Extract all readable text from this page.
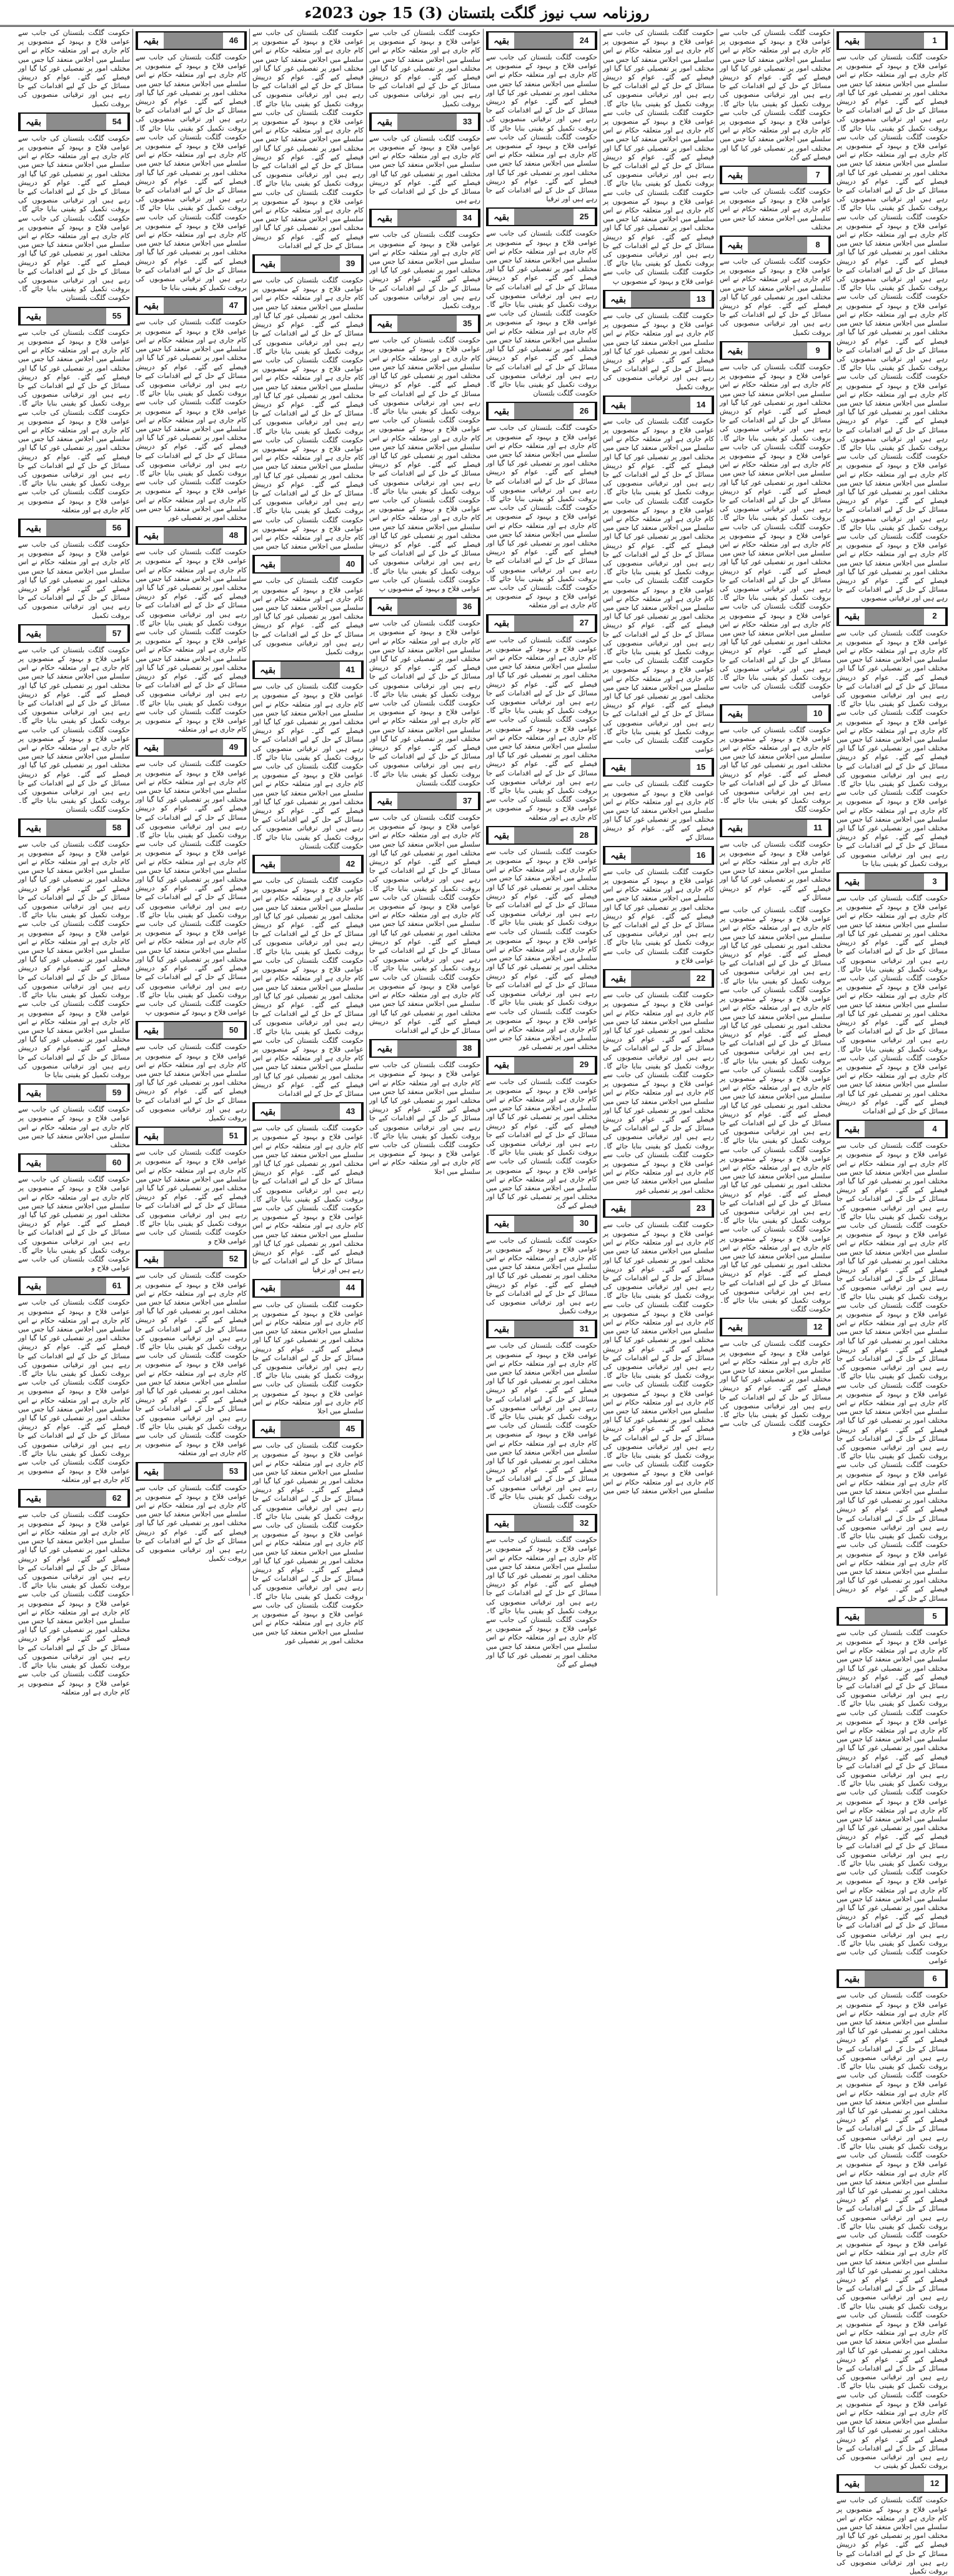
روزنامہ سب نیوز گلگت بلتستان (3) 15 جون 2023ء
1
بقیہ

حکومت گلگت بلتستان کی جانب سے عوامی فلاح و بہبود کے منصوبوں پر کام جاری ہے اور متعلقہ حکام نے اس سلسلے میں اجلاس منعقد کیا جس میں مختلف امور پر تفصیلی غور کیا گیا اور فیصلے کیے گئے۔ عوام کو درپیش مسائل کے حل کے لیے اقدامات کیے جا رہے ہیں اور ترقیاتی منصوبوں کی بروقت تکمیل کو یقینی بنایا جائے گا۔ حکومت گلگت بلتستان کی جانب سے عوامی فلاح و بہبود کے منصوبوں پر کام جاری ہے اور متعلقہ حکام نے اس سلسلے میں اجلاس منعقد کیا جس میں مختلف امور پر تفصیلی غور کیا گیا اور فیصلے کیے گئے۔ عوام کو درپیش مسائل کے حل کے لیے اقدامات کیے جا رہے ہیں اور ترقیاتی منصوبوں کی بروقت تکمیل کو یقینی بنایا جائے گا۔ حکومت گلگت بلتستان کی جانب سے عوامی فلاح و بہبود کے منصوبوں پر کام جاری ہے اور متعلقہ حکام نے اس سلسلے میں اجلاس منعقد کیا جس میں مختلف امور پر تفصیلی غور کیا گیا اور فیصلے کیے گئے۔ عوام کو درپیش مسائل کے حل کے لیے اقدامات کیے جا رہے ہیں اور ترقیاتی منصوبوں کی بروقت تکمیل کو یقینی بنایا جائے گا۔ حکومت گلگت بلتستان کی جانب سے عوامی فلاح و بہبود کے منصوبوں پر کام جاری ہے اور متعلقہ حکام نے اس سلسلے میں اجلاس منعقد کیا جس میں مختلف امور پر تفصیلی غور کیا گیا اور فیصلے کیے گئے۔ عوام کو درپیش مسائل کے حل کے لیے اقدامات کیے جا رہے ہیں اور ترقیاتی منصوبوں کی بروقت تکمیل کو یقینی بنایا جائے گا۔ حکومت گلگت بلتستان کی جانب سے عوامی فلاح و بہبود کے منصوبوں پر کام جاری ہے اور متعلقہ حکام نے اس سلسلے میں اجلاس منعقد کیا جس میں مختلف امور پر تفصیلی غور کیا گیا اور فیصلے کیے گئے۔ عوام کو درپیش مسائل کے حل کے لیے اقدامات کیے جا رہے ہیں اور ترقیاتی منصوبوں کی بروقت تکمیل کو یقینی بنایا جائے گا۔ حکومت گلگت بلتستان کی جانب سے عوامی فلاح و بہبود کے منصوبوں پر کام جاری ہے اور متعلقہ حکام نے اس سلسلے میں اجلاس منعقد کیا جس میں مختلف امور پر تفصیلی غور کیا گیا اور فیصلے کیے گئے۔ عوام کو درپیش مسائل کے حل کے لیے اقدامات کیے جا رہے ہیں اور ترقیاتی منصوبوں کی بروقت تکمیل کو یقینی بنایا جائے گا۔ حکومت گلگت بلتستان کی جانب سے عوامی فلاح و بہبود کے منصوبوں پر کام جاری ہے اور متعلقہ حکام نے اس سلسلے میں اجلاس منعقد کیا جس میں مختلف امور پر تفصیلی غور کیا گیا اور فیصلے کیے گئے۔ عوام کو درپیش مسائل کے حل کے لیے اقدامات کیے جا رہے ہیں اور ترقیاتی منصوبوں

2
بقیہ

حکومت گلگت بلتستان کی جانب سے عوامی فلاح و بہبود کے منصوبوں پر کام جاری ہے اور متعلقہ حکام نے اس سلسلے میں اجلاس منعقد کیا جس میں مختلف امور پر تفصیلی غور کیا گیا اور فیصلے کیے گئے۔ عوام کو درپیش مسائل کے حل کے لیے اقدامات کیے جا رہے ہیں اور ترقیاتی منصوبوں کی بروقت تکمیل کو یقینی بنایا جائے گا۔ حکومت گلگت بلتستان کی جانب سے عوامی فلاح و بہبود کے منصوبوں پر کام جاری ہے اور متعلقہ حکام نے اس سلسلے میں اجلاس منعقد کیا جس میں مختلف امور پر تفصیلی غور کیا گیا اور فیصلے کیے گئے۔ عوام کو درپیش مسائل کے حل کے لیے اقدامات کیے جا رہے ہیں اور ترقیاتی منصوبوں کی بروقت تکمیل کو یقینی بنایا جائے گا۔ حکومت گلگت بلتستان کی جانب سے عوامی فلاح و بہبود کے منصوبوں پر کام جاری ہے اور متعلقہ حکام نے اس سلسلے میں اجلاس منعقد کیا جس میں مختلف امور پر تفصیلی غور کیا گیا اور فیصلے کیے گئے۔ عوام کو درپیش مسائل کے حل کے لیے اقدامات کیے جا رہے ہیں اور ترقیاتی منصوبوں کی بروقت تکمیل کو یقینی بنایا جا

3
بقیہ

حکومت گلگت بلتستان کی جانب سے عوامی فلاح و بہبود کے منصوبوں پر کام جاری ہے اور متعلقہ حکام نے اس سلسلے میں اجلاس منعقد کیا جس میں مختلف امور پر تفصیلی غور کیا گیا اور فیصلے کیے گئے۔ عوام کو درپیش مسائل کے حل کے لیے اقدامات کیے جا رہے ہیں اور ترقیاتی منصوبوں کی بروقت تکمیل کو یقینی بنایا جائے گا۔ حکومت گلگت بلتستان کی جانب سے عوامی فلاح و بہبود کے منصوبوں پر کام جاری ہے اور متعلقہ حکام نے اس سلسلے میں اجلاس منعقد کیا جس میں مختلف امور پر تفصیلی غور کیا گیا اور فیصلے کیے گئے۔ عوام کو درپیش مسائل کے حل کے لیے اقدامات کیے جا رہے ہیں اور ترقیاتی منصوبوں کی بروقت تکمیل کو یقینی بنایا جائے گا۔ حکومت گلگت بلتستان کی جانب سے عوامی فلاح و بہبود کے منصوبوں پر کام جاری ہے اور متعلقہ حکام نے اس سلسلے میں اجلاس منعقد کیا جس میں مختلف امور پر تفصیلی غور کیا گیا اور فیصلے کیے گئے۔ عوام کو درپیش مسائل کے حل کے لیے اقدامات

4
بقیہ

حکومت گلگت بلتستان کی جانب سے عوامی فلاح و بہبود کے منصوبوں پر کام جاری ہے اور متعلقہ حکام نے اس سلسلے میں اجلاس منعقد کیا جس میں مختلف امور پر تفصیلی غور کیا گیا اور فیصلے کیے گئے۔ عوام کو درپیش مسائل کے حل کے لیے اقدامات کیے جا رہے ہیں اور ترقیاتی منصوبوں کی بروقت تکمیل کو یقینی بنایا جائے گا۔ حکومت گلگت بلتستان کی جانب سے عوامی فلاح و بہبود کے منصوبوں پر کام جاری ہے اور متعلقہ حکام نے اس سلسلے میں اجلاس منعقد کیا جس میں مختلف امور پر تفصیلی غور کیا گیا اور فیصلے کیے گئے۔ عوام کو درپیش مسائل کے حل کے لیے اقدامات کیے جا رہے ہیں اور ترقیاتی منصوبوں کی بروقت تکمیل کو یقینی بنایا جائے گا۔ حکومت گلگت بلتستان کی جانب سے عوامی فلاح و بہبود کے منصوبوں پر کام جاری ہے اور متعلقہ حکام نے اس سلسلے میں اجلاس منعقد کیا جس میں مختلف امور پر تفصیلی غور کیا گیا اور فیصلے کیے گئے۔ عوام کو درپیش مسائل کے حل کے لیے اقدامات کیے جا رہے ہیں اور ترقیاتی منصوبوں کی بروقت تکمیل کو یقینی بنایا جائے گا۔ حکومت گلگت بلتستان کی جانب سے عوامی فلاح و بہبود کے منصوبوں پر کام جاری ہے اور متعلقہ حکام نے اس سلسلے میں اجلاس منعقد کیا جس میں مختلف امور پر تفصیلی غور کیا گیا اور فیصلے کیے گئے۔ عوام کو درپیش مسائل کے حل کے لیے اقدامات کیے جا رہے ہیں اور ترقیاتی منصوبوں کی بروقت تکمیل کو یقینی بنایا جائے گا۔ حکومت گلگت بلتستان کی جانب سے عوامی فلاح و بہبود کے منصوبوں پر کام جاری ہے اور متعلقہ حکام نے اس سلسلے میں اجلاس منعقد کیا جس میں مختلف امور پر تفصیلی غور کیا گیا اور فیصلے کیے گئے۔ عوام کو درپیش مسائل کے حل کے لیے اقدامات کیے جا رہے ہیں اور ترقیاتی منصوبوں کی بروقت تکمیل کو یقینی بنایا جائے گا۔ حکومت گلگت بلتستان کی جانب سے عوامی فلاح و بہبود کے منصوبوں پر کام جاری ہے اور متعلقہ حکام نے اس سلسلے میں اجلاس منعقد کیا جس میں مختلف امور پر تفصیلی غور کیا گیا اور فیصلے کیے گئے۔ عوام کو درپیش مسائل کے حل کے لیے

5
بقیہ

حکومت گلگت بلتستان کی جانب سے عوامی فلاح و بہبود کے منصوبوں پر کام جاری ہے اور متعلقہ حکام نے اس سلسلے میں اجلاس منعقد کیا جس میں مختلف امور پر تفصیلی غور کیا گیا اور فیصلے کیے گئے۔ عوام کو درپیش مسائل کے حل کے لیے اقدامات کیے جا رہے ہیں اور ترقیاتی منصوبوں کی بروقت تکمیل کو یقینی بنایا جائے گا۔ حکومت گلگت بلتستان کی جانب سے عوامی فلاح و بہبود کے منصوبوں پر کام جاری ہے اور متعلقہ حکام نے اس سلسلے میں اجلاس منعقد کیا جس میں مختلف امور پر تفصیلی غور کیا گیا اور فیصلے کیے گئے۔ عوام کو درپیش مسائل کے حل کے لیے اقدامات کیے جا رہے ہیں اور ترقیاتی منصوبوں کی بروقت تکمیل کو یقینی بنایا جائے گا۔ حکومت گلگت بلتستان کی جانب سے عوامی فلاح و بہبود کے منصوبوں پر کام جاری ہے اور متعلقہ حکام نے اس سلسلے میں اجلاس منعقد کیا جس میں مختلف امور پر تفصیلی غور کیا گیا اور فیصلے کیے گئے۔ عوام کو درپیش مسائل کے حل کے لیے اقدامات کیے جا رہے ہیں اور ترقیاتی منصوبوں کی بروقت تکمیل کو یقینی بنایا جائے گا۔ حکومت گلگت بلتستان کی جانب سے عوامی فلاح و بہبود کے منصوبوں پر کام جاری ہے اور متعلقہ حکام نے اس سلسلے میں اجلاس منعقد کیا جس میں مختلف امور پر تفصیلی غور کیا گیا اور فیصلے کیے گئے۔ عوام کو درپیش مسائل کے حل کے لیے اقدامات کیے جا رہے ہیں اور ترقیاتی منصوبوں کی بروقت تکمیل کو یقینی بنایا جائے گا۔ حکومت گلگت بلتستان کی جانب سے عوامی

6
بقیہ

حکومت گلگت بلتستان کی جانب سے عوامی فلاح و بہبود کے منصوبوں پر کام جاری ہے اور متعلقہ حکام نے اس سلسلے میں اجلاس منعقد کیا جس میں مختلف امور پر تفصیلی غور کیا گیا اور فیصلے کیے گئے۔ عوام کو درپیش مسائل کے حل کے لیے اقدامات کیے جا رہے ہیں اور ترقیاتی منصوبوں کی بروقت تکمیل کو یقینی بنایا جائے گا۔ حکومت گلگت بلتستان کی جانب سے عوامی فلاح و بہبود کے منصوبوں پر کام جاری ہے اور متعلقہ حکام نے اس سلسلے میں اجلاس منعقد کیا جس میں مختلف امور پر تفصیلی غور کیا گیا اور فیصلے کیے گئے۔ عوام کو درپیش مسائل کے حل کے لیے اقدامات کیے جا رہے ہیں اور ترقیاتی منصوبوں کی بروقت تکمیل کو یقینی بنایا جائے گا۔ حکومت گلگت بلتستان کی جانب سے عوامی فلاح و بہبود کے منصوبوں پر کام جاری ہے اور متعلقہ حکام نے اس سلسلے میں اجلاس منعقد کیا جس میں مختلف امور پر تفصیلی غور کیا گیا اور فیصلے کیے گئے۔ عوام کو درپیش مسائل کے حل کے لیے اقدامات کیے جا رہے ہیں اور ترقیاتی منصوبوں کی بروقت تکمیل کو یقینی بنایا جائے گا۔ حکومت گلگت بلتستان کی جانب سے عوامی فلاح و بہبود کے منصوبوں پر کام جاری ہے اور متعلقہ حکام نے اس سلسلے میں اجلاس منعقد کیا جس میں مختلف امور پر تفصیلی غور کیا گیا اور فیصلے کیے گئے۔ عوام کو درپیش مسائل کے حل کے لیے اقدامات کیے جا رہے ہیں اور ترقیاتی منصوبوں کی بروقت تکمیل کو یقینی بنایا جائے گا۔ حکومت گلگت بلتستان کی جانب سے عوامی فلاح و بہبود کے منصوبوں پر کام جاری ہے اور متعلقہ حکام نے اس سلسلے میں اجلاس منعقد کیا جس میں مختلف امور پر تفصیلی غور کیا گیا اور فیصلے کیے گئے۔ عوام کو درپیش مسائل کے حل کے لیے اقدامات کیے جا رہے ہیں اور ترقیاتی منصوبوں کی بروقت تکمیل کو یقینی بنایا جائے گا۔ حکومت گلگت بلتستان کی جانب سے عوامی فلاح و بہبود کے منصوبوں پر کام جاری ہے اور متعلقہ حکام نے اس سلسلے میں اجلاس منعقد کیا جس میں مختلف امور پر تفصیلی غور کیا گیا اور فیصلے کیے گئے۔ عوام کو درپیش مسائل کے حل کے لیے اقدامات کیے جا رہے ہیں اور ترقیاتی منصوبوں کی بروقت تکمیل کو یقینی ب

12
بقیہ

حکومت گلگت بلتستان کی جانب سے عوامی فلاح و بہبود کے منصوبوں پر کام جاری ہے اور متعلقہ حکام نے اس سلسلے میں اجلاس منعقد کیا جس میں مختلف امور پر تفصیلی غور کیا گیا اور فیصلے کیے گئے۔ عوام کو درپیش مسائل کے حل کے لیے اقدامات کیے جا رہے ہیں اور ترقیاتی منصوبوں کی بروقت تکمیل

حکومت گلگت بلتستان کی جانب سے عوامی فلاح و بہبود کے منصوبوں پر کام جاری ہے اور متعلقہ حکام نے اس سلسلے میں اجلاس منعقد کیا جس میں مختلف امور پر تفصیلی غور کیا گیا اور فیصلے کیے گئے۔ عوام کو درپیش مسائل کے حل کے لیے اقدامات کیے جا رہے ہیں اور ترقیاتی منصوبوں کی بروقت تکمیل کو یقینی بنایا جائے گا۔ حکومت گلگت بلتستان کی جانب سے عوامی فلاح و بہبود کے منصوبوں پر کام جاری ہے اور متعلقہ حکام نے اس سلسلے میں اجلاس منعقد کیا جس میں مختلف امور پر تفصیلی غور کیا گیا اور فیصلے کیے گئ

7
بقیہ

حکومت گلگت بلتستان کی جانب سے عوامی فلاح و بہبود کے منصوبوں پر کام جاری ہے اور متعلقہ حکام نے اس سلسلے میں اجلاس منعقد کیا جس میں مختلف

8
بقیہ

حکومت گلگت بلتستان کی جانب سے عوامی فلاح و بہبود کے منصوبوں پر کام جاری ہے اور متعلقہ حکام نے اس سلسلے میں اجلاس منعقد کیا جس میں مختلف امور پر تفصیلی غور کیا گیا اور فیصلے کیے گئے۔ عوام کو درپیش مسائل کے حل کے لیے اقدامات کیے جا رہے ہیں اور ترقیاتی منصوبوں کی بروقت تکمیل

9
بقیہ

حکومت گلگت بلتستان کی جانب سے عوامی فلاح و بہبود کے منصوبوں پر کام جاری ہے اور متعلقہ حکام نے اس سلسلے میں اجلاس منعقد کیا جس میں مختلف امور پر تفصیلی غور کیا گیا اور فیصلے کیے گئے۔ عوام کو درپیش مسائل کے حل کے لیے اقدامات کیے جا رہے ہیں اور ترقیاتی منصوبوں کی بروقت تکمیل کو یقینی بنایا جائے گا۔ حکومت گلگت بلتستان کی جانب سے عوامی فلاح و بہبود کے منصوبوں پر کام جاری ہے اور متعلقہ حکام نے اس سلسلے میں اجلاس منعقد کیا جس میں مختلف امور پر تفصیلی غور کیا گیا اور فیصلے کیے گئے۔ عوام کو درپیش مسائل کے حل کے لیے اقدامات کیے جا رہے ہیں اور ترقیاتی منصوبوں کی بروقت تکمیل کو یقینی بنایا جائے گا۔ حکومت گلگت بلتستان کی جانب سے عوامی فلاح و بہبود کے منصوبوں پر کام جاری ہے اور متعلقہ حکام نے اس سلسلے میں اجلاس منعقد کیا جس میں مختلف امور پر تفصیلی غور کیا گیا اور فیصلے کیے گئے۔ عوام کو درپیش مسائل کے حل کے لیے اقدامات کیے جا رہے ہیں اور ترقیاتی منصوبوں کی بروقت تکمیل کو یقینی بنایا جائے گا۔ حکومت گلگت بلتستان کی جانب سے عوامی فلاح و بہبود کے منصوبوں پر کام جاری ہے اور متعلقہ حکام نے اس سلسلے میں اجلاس منعقد کیا جس میں مختلف امور پر تفصیلی غور کیا گیا اور فیصلے کیے گئے۔ عوام کو درپیش مسائل کے حل کے لیے اقدامات کیے جا رہے ہیں اور ترقیاتی منصوبوں کی بروقت تکمیل کو یقینی بنایا جائے گا۔ حکومت گلگت بلتستان کی جانب سے عوامی

10
بقیہ

حکومت گلگت بلتستان کی جانب سے عوامی فلاح و بہبود کے منصوبوں پر کام جاری ہے اور متعلقہ حکام نے اس سلسلے میں اجلاس منعقد کیا جس میں مختلف امور پر تفصیلی غور کیا گیا اور فیصلے کیے گئے۔ عوام کو درپیش مسائل کے حل کے لیے اقدامات کیے جا رہے ہیں اور ترقیاتی منصوبوں کی بروقت تکمیل کو یقینی بنایا جائے گا۔ حکومت گلگ

11
بقیہ

حکومت گلگت بلتستان کی جانب سے عوامی فلاح و بہبود کے منصوبوں پر کام جاری ہے اور متعلقہ حکام نے اس سلسلے میں اجلاس منعقد کیا جس میں مختلف امور پر تفصیلی غور کیا گیا اور فیصلے کیے گئے۔ عوام کو درپیش مسائل کے

حکومت گلگت بلتستان کی جانب سے عوامی فلاح و بہبود کے منصوبوں پر کام جاری ہے اور متعلقہ حکام نے اس سلسلے میں اجلاس منعقد کیا جس میں مختلف امور پر تفصیلی غور کیا گیا اور فیصلے کیے گئے۔ عوام کو درپیش مسائل کے حل کے لیے اقدامات کیے جا رہے ہیں اور ترقیاتی منصوبوں کی بروقت تکمیل کو یقینی بنایا جائے گا۔ حکومت گلگت بلتستان کی جانب سے عوامی فلاح و بہبود کے منصوبوں پر کام جاری ہے اور متعلقہ حکام نے اس سلسلے میں اجلاس منعقد کیا جس میں مختلف امور پر تفصیلی غور کیا گیا اور فیصلے کیے گئے۔ عوام کو درپیش مسائل کے حل کے لیے اقدامات کیے جا رہے ہیں اور ترقیاتی منصوبوں کی بروقت تکمیل کو یقینی بنایا جائے گا۔ حکومت گلگت بلتستان کی جانب سے عوامی فلاح و بہبود کے منصوبوں پر کام جاری ہے اور متعلقہ حکام نے اس سلسلے میں اجلاس منعقد کیا جس میں مختلف امور پر تفصیلی غور کیا گیا اور فیصلے کیے گئے۔ عوام کو درپیش مسائل کے حل کے لیے اقدامات کیے جا رہے ہیں اور ترقیاتی منصوبوں کی بروقت تکمیل کو یقینی بنایا جائے گا۔ حکومت گلگت بلتستان کی جانب سے عوامی فلاح و بہبود کے منصوبوں پر کام جاری ہے اور متعلقہ حکام نے اس سلسلے میں اجلاس منعقد کیا جس میں مختلف امور پر تفصیلی غور کیا گیا اور فیصلے کیے گئے۔ عوام کو درپیش مسائل کے حل کے لیے اقدامات کیے جا رہے ہیں اور ترقیاتی منصوبوں کی بروقت تکمیل کو یقینی بنایا جائے گا۔ حکومت گلگت بلتستان کی جانب سے عوامی فلاح و بہبود کے منصوبوں پر کام جاری ہے اور متعلقہ حکام نے اس سلسلے میں اجلاس منعقد کیا جس میں مختلف امور پر تفصیلی غور کیا گیا اور فیصلے کیے گئے۔ عوام کو درپیش مسائل کے حل کے لیے اقدامات کیے جا رہے ہیں اور ترقیاتی منصوبوں کی بروقت تکمیل کو یقینی بنایا جائے گا۔ حکومت گلگت

12
بقیہ

حکومت گلگت بلتستان کی جانب سے عوامی فلاح و بہبود کے منصوبوں پر کام جاری ہے اور متعلقہ حکام نے اس سلسلے میں اجلاس منعقد کیا جس میں مختلف امور پر تفصیلی غور کیا گیا اور فیصلے کیے گئے۔ عوام کو درپیش مسائل کے حل کے لیے اقدامات کیے جا رہے ہیں اور ترقیاتی منصوبوں کی بروقت تکمیل کو یقینی بنایا جائے گا۔ حکومت گلگت بلتستان کی جانب سے عوامی فلاح و

حکومت گلگت بلتستان کی جانب سے عوامی فلاح و بہبود کے منصوبوں پر کام جاری ہے اور متعلقہ حکام نے اس سلسلے میں اجلاس منعقد کیا جس میں مختلف امور پر تفصیلی غور کیا گیا اور فیصلے کیے گئے۔ عوام کو درپیش مسائل کے حل کے لیے اقدامات کیے جا رہے ہیں اور ترقیاتی منصوبوں کی بروقت تکمیل کو یقینی بنایا جائے گا۔ حکومت گلگت بلتستان کی جانب سے عوامی فلاح و بہبود کے منصوبوں پر کام جاری ہے اور متعلقہ حکام نے اس سلسلے میں اجلاس منعقد کیا جس میں مختلف امور پر تفصیلی غور کیا گیا اور فیصلے کیے گئے۔ عوام کو درپیش مسائل کے حل کے لیے اقدامات کیے جا رہے ہیں اور ترقیاتی منصوبوں کی بروقت تکمیل کو یقینی بنایا جائے گا۔ حکومت گلگت بلتستان کی جانب سے عوامی فلاح و بہبود کے منصوبوں پر کام جاری ہے اور متعلقہ حکام نے اس سلسلے میں اجلاس منعقد کیا جس میں مختلف امور پر تفصیلی غور کیا گیا اور فیصلے کیے گئے۔ عوام کو درپیش مسائل کے حل کے لیے اقدامات کیے جا رہے ہیں اور ترقیاتی منصوبوں کی بروقت تکمیل کو یقینی بنایا جائے گا۔ حکومت گلگت بلتستان کی جانب سے عوامی فلاح و بہبود کے منصوبوں پ

13
بقیہ

حکومت گلگت بلتستان کی جانب سے عوامی فلاح و بہبود کے منصوبوں پر کام جاری ہے اور متعلقہ حکام نے اس سلسلے میں اجلاس منعقد کیا جس میں مختلف امور پر تفصیلی غور کیا گیا اور فیصلے کیے گئے۔ عوام کو درپیش مسائل کے حل کے لیے اقدامات کیے جا رہے ہیں اور ترقیاتی منصوبوں کی بروقت تکمیل

14
بقیہ

حکومت گلگت بلتستان کی جانب سے عوامی فلاح و بہبود کے منصوبوں پر کام جاری ہے اور متعلقہ حکام نے اس سلسلے میں اجلاس منعقد کیا جس میں مختلف امور پر تفصیلی غور کیا گیا اور فیصلے کیے گئے۔ عوام کو درپیش مسائل کے حل کے لیے اقدامات کیے جا رہے ہیں اور ترقیاتی منصوبوں کی بروقت تکمیل کو یقینی بنایا جائے گا۔ حکومت گلگت بلتستان کی جانب سے عوامی فلاح و بہبود کے منصوبوں پر کام جاری ہے اور متعلقہ حکام نے اس سلسلے میں اجلاس منعقد کیا جس میں مختلف امور پر تفصیلی غور کیا گیا اور فیصلے کیے گئے۔ عوام کو درپیش مسائل کے حل کے لیے اقدامات کیے جا رہے ہیں اور ترقیاتی منصوبوں کی بروقت تکمیل کو یقینی بنایا جائے گا۔ حکومت گلگت بلتستان کی جانب سے عوامی فلاح و بہبود کے منصوبوں پر کام جاری ہے اور متعلقہ حکام نے اس سلسلے میں اجلاس منعقد کیا جس میں مختلف امور پر تفصیلی غور کیا گیا اور فیصلے کیے گئے۔ عوام کو درپیش مسائل کے حل کے لیے اقدامات کیے جا رہے ہیں اور ترقیاتی منصوبوں کی بروقت تکمیل کو یقینی بنایا جائے گا۔ حکومت گلگت بلتستان کی جانب سے عوامی فلاح و بہبود کے منصوبوں پر کام جاری ہے اور متعلقہ حکام نے اس سلسلے میں اجلاس منعقد کیا جس میں مختلف امور پر تفصیلی غور کیا گیا اور فیصلے کیے گئے۔ عوام کو درپیش مسائل کے حل کے لیے اقدامات کیے جا رہے ہیں اور ترقیاتی منصوبوں کی بروقت تکمیل کو یقینی بنایا جائے گا۔ حکومت گلگت بلتستان کی جانب سے عوامی

15
بقیہ

حکومت گلگت بلتستان کی جانب سے عوامی فلاح و بہبود کے منصوبوں پر کام جاری ہے اور متعلقہ حکام نے اس سلسلے میں اجلاس منعقد کیا جس میں مختلف امور پر تفصیلی غور کیا گیا اور فیصلے کیے گئے۔ عوام کو درپیش مسائل کے

16
بقیہ

حکومت گلگت بلتستان کی جانب سے عوامی فلاح و بہبود کے منصوبوں پر کام جاری ہے اور متعلقہ حکام نے اس سلسلے میں اجلاس منعقد کیا جس میں مختلف امور پر تفصیلی غور کیا گیا اور فیصلے کیے گئے۔ عوام کو درپیش مسائل کے حل کے لیے اقدامات کیے جا رہے ہیں اور ترقیاتی منصوبوں کی بروقت تکمیل کو یقینی بنایا جائے گا۔ حکومت گلگت بلتستان کی جانب سے عوامی فلاح و

22
بقیہ

حکومت گلگت بلتستان کی جانب سے عوامی فلاح و بہبود کے منصوبوں پر کام جاری ہے اور متعلقہ حکام نے اس سلسلے میں اجلاس منعقد کیا جس میں مختلف امور پر تفصیلی غور کیا گیا اور فیصلے کیے گئے۔ عوام کو درپیش مسائل کے حل کے لیے اقدامات کیے جا رہے ہیں اور ترقیاتی منصوبوں کی بروقت تکمیل کو یقینی بنایا جائے گا۔ حکومت گلگت بلتستان کی جانب سے عوامی فلاح و بہبود کے منصوبوں پر کام جاری ہے اور متعلقہ حکام نے اس سلسلے میں اجلاس منعقد کیا جس میں مختلف امور پر تفصیلی غور کیا گیا اور فیصلے کیے گئے۔ عوام کو درپیش مسائل کے حل کے لیے اقدامات کیے جا رہے ہیں اور ترقیاتی منصوبوں کی بروقت تکمیل کو یقینی بنایا جائے گا۔ حکومت گلگت بلتستان کی جانب سے عوامی فلاح و بہبود کے منصوبوں پر کام جاری ہے اور متعلقہ حکام نے اس سلسلے میں اجلاس منعقد کیا جس میں مختلف امور پر تفصیلی غور

23
بقیہ

حکومت گلگت بلتستان کی جانب سے عوامی فلاح و بہبود کے منصوبوں پر کام جاری ہے اور متعلقہ حکام نے اس سلسلے میں اجلاس منعقد کیا جس میں مختلف امور پر تفصیلی غور کیا گیا اور فیصلے کیے گئے۔ عوام کو درپیش مسائل کے حل کے لیے اقدامات کیے جا رہے ہیں اور ترقیاتی منصوبوں کی بروقت تکمیل کو یقینی بنایا جائے گا۔ حکومت گلگت بلتستان کی جانب سے عوامی فلاح و بہبود کے منصوبوں پر کام جاری ہے اور متعلقہ حکام نے اس سلسلے میں اجلاس منعقد کیا جس میں مختلف امور پر تفصیلی غور کیا گیا اور فیصلے کیے گئے۔ عوام کو درپیش مسائل کے حل کے لیے اقدامات کیے جا رہے ہیں اور ترقیاتی منصوبوں کی بروقت تکمیل کو یقینی بنایا جائے گا۔ حکومت گلگت بلتستان کی جانب سے عوامی فلاح و بہبود کے منصوبوں پر کام جاری ہے اور متعلقہ حکام نے اس سلسلے میں اجلاس منعقد کیا جس میں مختلف امور پر تفصیلی غور کیا گیا اور فیصلے کیے گئے۔ عوام کو درپیش مسائل کے حل کے لیے اقدامات کیے جا رہے ہیں اور ترقیاتی منصوبوں کی بروقت تکمیل کو یقینی بنایا جائے گا۔ حکومت گلگت بلتستان کی جانب سے عوامی فلاح و بہبود کے منصوبوں پر کام جاری ہے اور متعلقہ حکام نے اس سلسلے میں اجلاس منعقد کیا جس میں

24
بقیہ

حکومت گلگت بلتستان کی جانب سے عوامی فلاح و بہبود کے منصوبوں پر کام جاری ہے اور متعلقہ حکام نے اس سلسلے میں اجلاس منعقد کیا جس میں مختلف امور پر تفصیلی غور کیا گیا اور فیصلے کیے گئے۔ عوام کو درپیش مسائل کے حل کے لیے اقدامات کیے جا رہے ہیں اور ترقیاتی منصوبوں کی بروقت تکمیل کو یقینی بنایا جائے گا۔ حکومت گلگت بلتستان کی جانب سے عوامی فلاح و بہبود کے منصوبوں پر کام جاری ہے اور متعلقہ حکام نے اس سلسلے میں اجلاس منعقد کیا جس میں مختلف امور پر تفصیلی غور کیا گیا اور فیصلے کیے گئے۔ عوام کو درپیش مسائل کے حل کے لیے اقدامات کیے جا رہے ہیں اور ترقیا

25
بقیہ

حکومت گلگت بلتستان کی جانب سے عوامی فلاح و بہبود کے منصوبوں پر کام جاری ہے اور متعلقہ حکام نے اس سلسلے میں اجلاس منعقد کیا جس میں مختلف امور پر تفصیلی غور کیا گیا اور فیصلے کیے گئے۔ عوام کو درپیش مسائل کے حل کے لیے اقدامات کیے جا رہے ہیں اور ترقیاتی منصوبوں کی بروقت تکمیل کو یقینی بنایا جائے گا۔ حکومت گلگت بلتستان کی جانب سے عوامی فلاح و بہبود کے منصوبوں پر کام جاری ہے اور متعلقہ حکام نے اس سلسلے میں اجلاس منعقد کیا جس میں مختلف امور پر تفصیلی غور کیا گیا اور فیصلے کیے گئے۔ عوام کو درپیش مسائل کے حل کے لیے اقدامات کیے جا رہے ہیں اور ترقیاتی منصوبوں کی بروقت تکمیل کو یقینی بنایا جائے گا۔ حکومت گلگت بلتستان

26
بقیہ

حکومت گلگت بلتستان کی جانب سے عوامی فلاح و بہبود کے منصوبوں پر کام جاری ہے اور متعلقہ حکام نے اس سلسلے میں اجلاس منعقد کیا جس میں مختلف امور پر تفصیلی غور کیا گیا اور فیصلے کیے گئے۔ عوام کو درپیش مسائل کے حل کے لیے اقدامات کیے جا رہے ہیں اور ترقیاتی منصوبوں کی بروقت تکمیل کو یقینی بنایا جائے گا۔ حکومت گلگت بلتستان کی جانب سے عوامی فلاح و بہبود کے منصوبوں پر کام جاری ہے اور متعلقہ حکام نے اس سلسلے میں اجلاس منعقد کیا جس میں مختلف امور پر تفصیلی غور کیا گیا اور فیصلے کیے گئے۔ عوام کو درپیش مسائل کے حل کے لیے اقدامات کیے جا رہے ہیں اور ترقیاتی منصوبوں کی بروقت تکمیل کو یقینی بنایا جائے گا۔ حکومت گلگت بلتستان کی جانب سے عوامی فلاح و بہبود کے منصوبوں پر کام جاری ہے اور متعلقہ

27
بقیہ

حکومت گلگت بلتستان کی جانب سے عوامی فلاح و بہبود کے منصوبوں پر کام جاری ہے اور متعلقہ حکام نے اس سلسلے میں اجلاس منعقد کیا جس میں مختلف امور پر تفصیلی غور کیا گیا اور فیصلے کیے گئے۔ عوام کو درپیش مسائل کے حل کے لیے اقدامات کیے جا رہے ہیں اور ترقیاتی منصوبوں کی بروقت تکمیل کو یقینی بنایا جائے گا۔ حکومت گلگت بلتستان کی جانب سے عوامی فلاح و بہبود کے منصوبوں پر کام جاری ہے اور متعلقہ حکام نے اس سلسلے میں اجلاس منعقد کیا جس میں مختلف امور پر تفصیلی غور کیا گیا اور فیصلے کیے گئے۔ عوام کو درپیش مسائل کے حل کے لیے اقدامات کیے جا رہے ہیں اور ترقیاتی منصوبوں کی بروقت تکمیل کو یقینی بنایا جائے گا۔ حکومت گلگت بلتستان کی جانب سے عوامی فلاح و بہبود کے منصوبوں پر کام جاری ہے اور متعلقہ

28
بقیہ

حکومت گلگت بلتستان کی جانب سے عوامی فلاح و بہبود کے منصوبوں پر کام جاری ہے اور متعلقہ حکام نے اس سلسلے میں اجلاس منعقد کیا جس میں مختلف امور پر تفصیلی غور کیا گیا اور فیصلے کیے گئے۔ عوام کو درپیش مسائل کے حل کے لیے اقدامات کیے جا رہے ہیں اور ترقیاتی منصوبوں کی بروقت تکمیل کو یقینی بنایا جائے گا۔ حکومت گلگت بلتستان کی جانب سے عوامی فلاح و بہبود کے منصوبوں پر کام جاری ہے اور متعلقہ حکام نے اس سلسلے میں اجلاس منعقد کیا جس میں مختلف امور پر تفصیلی غور کیا گیا اور فیصلے کیے گئے۔ عوام کو درپیش مسائل کے حل کے لیے اقدامات کیے جا رہے ہیں اور ترقیاتی منصوبوں کی بروقت تکمیل کو یقینی بنایا جائے گا۔ حکومت گلگت بلتستان کی جانب سے عوامی فلاح و بہبود کے منصوبوں پر کام جاری ہے اور متعلقہ حکام نے اس سلسلے میں اجلاس منعقد کیا جس میں مختلف امور پر تفصیلی غور

29
بقیہ

حکومت گلگت بلتستان کی جانب سے عوامی فلاح و بہبود کے منصوبوں پر کام جاری ہے اور متعلقہ حکام نے اس سلسلے میں اجلاس منعقد کیا جس میں مختلف امور پر تفصیلی غور کیا گیا اور فیصلے کیے گئے۔ عوام کو درپیش مسائل کے حل کے لیے اقدامات کیے جا رہے ہیں اور ترقیاتی منصوبوں کی بروقت تکمیل کو یقینی بنایا جائے گا۔ حکومت گلگت بلتستان کی جانب سے عوامی فلاح و بہبود کے منصوبوں پر کام جاری ہے اور متعلقہ حکام نے اس سلسلے میں اجلاس منعقد کیا جس میں مختلف امور پر تفصیلی غور کیا گیا اور فیصلے کیے گئ

30
بقیہ

حکومت گلگت بلتستان کی جانب سے عوامی فلاح و بہبود کے منصوبوں پر کام جاری ہے اور متعلقہ حکام نے اس سلسلے میں اجلاس منعقد کیا جس میں مختلف امور پر تفصیلی غور کیا گیا اور فیصلے کیے گئے۔ عوام کو درپیش مسائل کے حل کے لیے اقدامات کیے جا رہے ہیں اور ترقیاتی منصوبوں کی بروقت تکمیل

31
بقیہ

حکومت گلگت بلتستان کی جانب سے عوامی فلاح و بہبود کے منصوبوں پر کام جاری ہے اور متعلقہ حکام نے اس سلسلے میں اجلاس منعقد کیا جس میں مختلف امور پر تفصیلی غور کیا گیا اور فیصلے کیے گئے۔ عوام کو درپیش مسائل کے حل کے لیے اقدامات کیے جا رہے ہیں اور ترقیاتی منصوبوں کی بروقت تکمیل کو یقینی بنایا جائے گا۔ حکومت گلگت بلتستان کی جانب سے عوامی فلاح و بہبود کے منصوبوں پر کام جاری ہے اور متعلقہ حکام نے اس سلسلے میں اجلاس منعقد کیا جس میں مختلف امور پر تفصیلی غور کیا گیا اور فیصلے کیے گئے۔ عوام کو درپیش مسائل کے حل کے لیے اقدامات کیے جا رہے ہیں اور ترقیاتی منصوبوں کی بروقت تکمیل کو یقینی بنایا جائے گا۔ حکومت گلگت بلتستان

32
بقیہ

حکومت گلگت بلتستان کی جانب سے عوامی فلاح و بہبود کے منصوبوں پر کام جاری ہے اور متعلقہ حکام نے اس سلسلے میں اجلاس منعقد کیا جس میں مختلف امور پر تفصیلی غور کیا گیا اور فیصلے کیے گئے۔ عوام کو درپیش مسائل کے حل کے لیے اقدامات کیے جا رہے ہیں اور ترقیاتی منصوبوں کی بروقت تکمیل کو یقینی بنایا جائے گا۔ حکومت گلگت بلتستان کی جانب سے عوامی فلاح و بہبود کے منصوبوں پر کام جاری ہے اور متعلقہ حکام نے اس سلسلے میں اجلاس منعقد کیا جس میں مختلف امور پر تفصیلی غور کیا گیا اور فیصلے کیے گئ

حکومت گلگت بلتستان کی جانب سے عوامی فلاح و بہبود کے منصوبوں پر کام جاری ہے اور متعلقہ حکام نے اس سلسلے میں اجلاس منعقد کیا جس میں مختلف امور پر تفصیلی غور کیا گیا اور فیصلے کیے گئے۔ عوام کو درپیش مسائل کے حل کے لیے اقدامات کیے جا رہے ہیں اور ترقیاتی منصوبوں کی بروقت تکمیل

33
بقیہ

حکومت گلگت بلتستان کی جانب سے عوامی فلاح و بہبود کے منصوبوں پر کام جاری ہے اور متعلقہ حکام نے اس سلسلے میں اجلاس منعقد کیا جس میں مختلف امور پر تفصیلی غور کیا گیا اور فیصلے کیے گئے۔ عوام کو درپیش مسائل کے حل کے لیے اقدامات کیے جا رہے ہیں

34
بقیہ

حکومت گلگت بلتستان کی جانب سے عوامی فلاح و بہبود کے منصوبوں پر کام جاری ہے اور متعلقہ حکام نے اس سلسلے میں اجلاس منعقد کیا جس میں مختلف امور پر تفصیلی غور کیا گیا اور فیصلے کیے گئے۔ عوام کو درپیش مسائل کے حل کے لیے اقدامات کیے جا رہے ہیں اور ترقیاتی منصوبوں کی بروقت تکمیل

35
بقیہ

حکومت گلگت بلتستان کی جانب سے عوامی فلاح و بہبود کے منصوبوں پر کام جاری ہے اور متعلقہ حکام نے اس سلسلے میں اجلاس منعقد کیا جس میں مختلف امور پر تفصیلی غور کیا گیا اور فیصلے کیے گئے۔ عوام کو درپیش مسائل کے حل کے لیے اقدامات کیے جا رہے ہیں اور ترقیاتی منصوبوں کی بروقت تکمیل کو یقینی بنایا جائے گا۔ حکومت گلگت بلتستان کی جانب سے عوامی فلاح و بہبود کے منصوبوں پر کام جاری ہے اور متعلقہ حکام نے اس سلسلے میں اجلاس منعقد کیا جس میں مختلف امور پر تفصیلی غور کیا گیا اور فیصلے کیے گئے۔ عوام کو درپیش مسائل کے حل کے لیے اقدامات کیے جا رہے ہیں اور ترقیاتی منصوبوں کی بروقت تکمیل کو یقینی بنایا جائے گا۔ حکومت گلگت بلتستان کی جانب سے عوامی فلاح و بہبود کے منصوبوں پر کام جاری ہے اور متعلقہ حکام نے اس سلسلے میں اجلاس منعقد کیا جس میں مختلف امور پر تفصیلی غور کیا گیا اور فیصلے کیے گئے۔ عوام کو درپیش مسائل کے حل کے لیے اقدامات کیے جا رہے ہیں اور ترقیاتی منصوبوں کی بروقت تکمیل کو یقینی بنایا جائے گا۔ حکومت گلگت بلتستان کی جانب سے عوامی فلاح و بہبود کے منصوبوں پ

36
بقیہ

حکومت گلگت بلتستان کی جانب سے عوامی فلاح و بہبود کے منصوبوں پر کام جاری ہے اور متعلقہ حکام نے اس سلسلے میں اجلاس منعقد کیا جس میں مختلف امور پر تفصیلی غور کیا گیا اور فیصلے کیے گئے۔ عوام کو درپیش مسائل کے حل کے لیے اقدامات کیے جا رہے ہیں اور ترقیاتی منصوبوں کی بروقت تکمیل کو یقینی بنایا جائے گا۔ حکومت گلگت بلتستان کی جانب سے عوامی فلاح و بہبود کے منصوبوں پر کام جاری ہے اور متعلقہ حکام نے اس سلسلے میں اجلاس منعقد کیا جس میں مختلف امور پر تفصیلی غور کیا گیا اور فیصلے کیے گئے۔ عوام کو درپیش مسائل کے حل کے لیے اقدامات کیے جا رہے ہیں اور ترقیاتی منصوبوں کی بروقت تکمیل کو یقینی بنایا جائے گا۔ حکومت گلگت بلتستان

37
بقیہ

حکومت گلگت بلتستان کی جانب سے عوامی فلاح و بہبود کے منصوبوں پر کام جاری ہے اور متعلقہ حکام نے اس سلسلے میں اجلاس منعقد کیا جس میں مختلف امور پر تفصیلی غور کیا گیا اور فیصلے کیے گئے۔ عوام کو درپیش مسائل کے حل کے لیے اقدامات کیے جا رہے ہیں اور ترقیاتی منصوبوں کی بروقت تکمیل کو یقینی بنایا جائے گا۔ حکومت گلگت بلتستان کی جانب سے عوامی فلاح و بہبود کے منصوبوں پر کام جاری ہے اور متعلقہ حکام نے اس سلسلے میں اجلاس منعقد کیا جس میں مختلف امور پر تفصیلی غور کیا گیا اور فیصلے کیے گئے۔ عوام کو درپیش مسائل کے حل کے لیے اقدامات کیے جا رہے ہیں اور ترقیاتی منصوبوں کی بروقت تکمیل کو یقینی بنایا جائے گا۔ حکومت گلگت بلتستان کی جانب سے عوامی فلاح و بہبود کے منصوبوں پر کام جاری ہے اور متعلقہ حکام نے اس سلسلے میں اجلاس منعقد کیا جس میں مختلف امور پر تفصیلی غور کیا گیا اور فیصلے کیے گئے۔ عوام کو درپیش مسائل کے حل کے لیے اقدامات

38
بقیہ

حکومت گلگت بلتستان کی جانب سے عوامی فلاح و بہبود کے منصوبوں پر کام جاری ہے اور متعلقہ حکام نے اس سلسلے میں اجلاس منعقد کیا جس میں مختلف امور پر تفصیلی غور کیا گیا اور فیصلے کیے گئے۔ عوام کو درپیش مسائل کے حل کے لیے اقدامات کیے جا رہے ہیں اور ترقیاتی منصوبوں کی بروقت تکمیل کو یقینی بنایا جائے گا۔ حکومت گلگت بلتستان کی جانب سے عوامی فلاح و بہبود کے منصوبوں پر کام جاری ہے اور متعلقہ حکام نے اس سلسلے میں اجلا

حکومت گلگت بلتستان کی جانب سے عوامی فلاح و بہبود کے منصوبوں پر کام جاری ہے اور متعلقہ حکام نے اس سلسلے میں اجلاس منعقد کیا جس میں مختلف امور پر تفصیلی غور کیا گیا اور فیصلے کیے گئے۔ عوام کو درپیش مسائل کے حل کے لیے اقدامات کیے جا رہے ہیں اور ترقیاتی منصوبوں کی بروقت تکمیل کو یقینی بنایا جائے گا۔ حکومت گلگت بلتستان کی جانب سے عوامی فلاح و بہبود کے منصوبوں پر کام جاری ہے اور متعلقہ حکام نے اس سلسلے میں اجلاس منعقد کیا جس میں مختلف امور پر تفصیلی غور کیا گیا اور فیصلے کیے گئے۔ عوام کو درپیش مسائل کے حل کے لیے اقدامات کیے جا رہے ہیں اور ترقیاتی منصوبوں کی بروقت تکمیل کو یقینی بنایا جائے گا۔ حکومت گلگت بلتستان کی جانب سے عوامی فلاح و بہبود کے منصوبوں پر کام جاری ہے اور متعلقہ حکام نے اس سلسلے میں اجلاس منعقد کیا جس میں مختلف امور پر تفصیلی غور کیا گیا اور فیصلے کیے گئے۔ عوام کو درپیش مسائل کے حل کے لیے اقدامات

39
بقیہ

حکومت گلگت بلتستان کی جانب سے عوامی فلاح و بہبود کے منصوبوں پر کام جاری ہے اور متعلقہ حکام نے اس سلسلے میں اجلاس منعقد کیا جس میں مختلف امور پر تفصیلی غور کیا گیا اور فیصلے کیے گئے۔ عوام کو درپیش مسائل کے حل کے لیے اقدامات کیے جا رہے ہیں اور ترقیاتی منصوبوں کی بروقت تکمیل کو یقینی بنایا جائے گا۔ حکومت گلگت بلتستان کی جانب سے عوامی فلاح و بہبود کے منصوبوں پر کام جاری ہے اور متعلقہ حکام نے اس سلسلے میں اجلاس منعقد کیا جس میں مختلف امور پر تفصیلی غور کیا گیا اور فیصلے کیے گئے۔ عوام کو درپیش مسائل کے حل کے لیے اقدامات کیے جا رہے ہیں اور ترقیاتی منصوبوں کی بروقت تکمیل کو یقینی بنایا جائے گا۔ حکومت گلگت بلتستان کی جانب سے عوامی فلاح و بہبود کے منصوبوں پر کام جاری ہے اور متعلقہ حکام نے اس سلسلے میں اجلاس منعقد کیا جس میں مختلف امور پر تفصیلی غور کیا گیا اور فیصلے کیے گئے۔ عوام کو درپیش مسائل کے حل کے لیے اقدامات کیے جا رہے ہیں اور ترقیاتی منصوبوں کی بروقت تکمیل کو یقینی بنایا جائے گا۔ حکومت گلگت بلتستان کی جانب سے عوامی فلاح و بہبود کے منصوبوں پر کام جاری ہے اور متعلقہ حکام نے اس سلسلے میں اجلاس منعقد کیا جس میں

40
بقیہ

حکومت گلگت بلتستان کی جانب سے عوامی فلاح و بہبود کے منصوبوں پر کام جاری ہے اور متعلقہ حکام نے اس سلسلے میں اجلاس منعقد کیا جس میں مختلف امور پر تفصیلی غور کیا گیا اور فیصلے کیے گئے۔ عوام کو درپیش مسائل کے حل کے لیے اقدامات کیے جا رہے ہیں اور ترقیاتی منصوبوں کی بروقت تکمیل

41
بقیہ

حکومت گلگت بلتستان کی جانب سے عوامی فلاح و بہبود کے منصوبوں پر کام جاری ہے اور متعلقہ حکام نے اس سلسلے میں اجلاس منعقد کیا جس میں مختلف امور پر تفصیلی غور کیا گیا اور فیصلے کیے گئے۔ عوام کو درپیش مسائل کے حل کے لیے اقدامات کیے جا رہے ہیں اور ترقیاتی منصوبوں کی بروقت تکمیل کو یقینی بنایا جائے گا۔ حکومت گلگت بلتستان کی جانب سے عوامی فلاح و بہبود کے منصوبوں پر کام جاری ہے اور متعلقہ حکام نے اس سلسلے میں اجلاس منعقد کیا جس میں مختلف امور پر تفصیلی غور کیا گیا اور فیصلے کیے گئے۔ عوام کو درپیش مسائل کے حل کے لیے اقدامات کیے جا رہے ہیں اور ترقیاتی منصوبوں کی بروقت تکمیل کو یقینی بنایا جائے گا۔ حکومت گلگت بلتستان

42
بقیہ

حکومت گلگت بلتستان کی جانب سے عوامی فلاح و بہبود کے منصوبوں پر کام جاری ہے اور متعلقہ حکام نے اس سلسلے میں اجلاس منعقد کیا جس میں مختلف امور پر تفصیلی غور کیا گیا اور فیصلے کیے گئے۔ عوام کو درپیش مسائل کے حل کے لیے اقدامات کیے جا رہے ہیں اور ترقیاتی منصوبوں کی بروقت تکمیل کو یقینی بنایا جائے گا۔ حکومت گلگت بلتستان کی جانب سے عوامی فلاح و بہبود کے منصوبوں پر کام جاری ہے اور متعلقہ حکام نے اس سلسلے میں اجلاس منعقد کیا جس میں مختلف امور پر تفصیلی غور کیا گیا اور فیصلے کیے گئے۔ عوام کو درپیش مسائل کے حل کے لیے اقدامات کیے جا رہے ہیں اور ترقیاتی منصوبوں کی بروقت تکمیل کو یقینی بنایا جائے گا۔ حکومت گلگت بلتستان کی جانب سے عوامی فلاح و بہبود کے منصوبوں پر کام جاری ہے اور متعلقہ حکام نے اس سلسلے میں اجلاس منعقد کیا جس میں مختلف امور پر تفصیلی غور کیا گیا اور فیصلے کیے گئے۔ عوام کو درپیش مسائل کے حل کے لیے اقدامات

43
بقیہ

حکومت گلگت بلتستان کی جانب سے عوامی فلاح و بہبود کے منصوبوں پر کام جاری ہے اور متعلقہ حکام نے اس سلسلے میں اجلاس منعقد کیا جس میں مختلف امور پر تفصیلی غور کیا گیا اور فیصلے کیے گئے۔ عوام کو درپیش مسائل کے حل کے لیے اقدامات کیے جا رہے ہیں اور ترقیاتی منصوبوں کی بروقت تکمیل کو یقینی بنایا جائے گا۔ حکومت گلگت بلتستان کی جانب سے عوامی فلاح و بہبود کے منصوبوں پر کام جاری ہے اور متعلقہ حکام نے اس سلسلے میں اجلاس منعقد کیا جس میں مختلف امور پر تفصیلی غور کیا گیا اور فیصلے کیے گئے۔ عوام کو درپیش مسائل کے حل کے لیے اقدامات کیے جا رہے ہیں اور ترقیا

44
بقیہ

حکومت گلگت بلتستان کی جانب سے عوامی فلاح و بہبود کے منصوبوں پر کام جاری ہے اور متعلقہ حکام نے اس سلسلے میں اجلاس منعقد کیا جس میں مختلف امور پر تفصیلی غور کیا گیا اور فیصلے کیے گئے۔ عوام کو درپیش مسائل کے حل کے لیے اقدامات کیے جا رہے ہیں اور ترقیاتی منصوبوں کی بروقت تکمیل کو یقینی بنایا جائے گا۔ حکومت گلگت بلتستان کی جانب سے عوامی فلاح و بہبود کے منصوبوں پر کام جاری ہے اور متعلقہ حکام نے اس سلسلے میں اجلا

45
بقیہ

حکومت گلگت بلتستان کی جانب سے عوامی فلاح و بہبود کے منصوبوں پر کام جاری ہے اور متعلقہ حکام نے اس سلسلے میں اجلاس منعقد کیا جس میں مختلف امور پر تفصیلی غور کیا گیا اور فیصلے کیے گئے۔ عوام کو درپیش مسائل کے حل کے لیے اقدامات کیے جا رہے ہیں اور ترقیاتی منصوبوں کی بروقت تکمیل کو یقینی بنایا جائے گا۔ حکومت گلگت بلتستان کی جانب سے عوامی فلاح و بہبود کے منصوبوں پر کام جاری ہے اور متعلقہ حکام نے اس سلسلے میں اجلاس منعقد کیا جس میں مختلف امور پر تفصیلی غور کیا گیا اور فیصلے کیے گئے۔ عوام کو درپیش مسائل کے حل کے لیے اقدامات کیے جا رہے ہیں اور ترقیاتی منصوبوں کی بروقت تکمیل کو یقینی بنایا جائے گا۔ حکومت گلگت بلتستان کی جانب سے عوامی فلاح و بہبود کے منصوبوں پر کام جاری ہے اور متعلقہ حکام نے اس سلسلے میں اجلاس منعقد کیا جس میں مختلف امور پر تفصیلی غور

46
بقیہ

حکومت گلگت بلتستان کی جانب سے عوامی فلاح و بہبود کے منصوبوں پر کام جاری ہے اور متعلقہ حکام نے اس سلسلے میں اجلاس منعقد کیا جس میں مختلف امور پر تفصیلی غور کیا گیا اور فیصلے کیے گئے۔ عوام کو درپیش مسائل کے حل کے لیے اقدامات کیے جا رہے ہیں اور ترقیاتی منصوبوں کی بروقت تکمیل کو یقینی بنایا جائے گا۔ حکومت گلگت بلتستان کی جانب سے عوامی فلاح و بہبود کے منصوبوں پر کام جاری ہے اور متعلقہ حکام نے اس سلسلے میں اجلاس منعقد کیا جس میں مختلف امور پر تفصیلی غور کیا گیا اور فیصلے کیے گئے۔ عوام کو درپیش مسائل کے حل کے لیے اقدامات کیے جا رہے ہیں اور ترقیاتی منصوبوں کی بروقت تکمیل کو یقینی بنایا جائے گا۔ حکومت گلگت بلتستان کی جانب سے عوامی فلاح و بہبود کے منصوبوں پر کام جاری ہے اور متعلقہ حکام نے اس سلسلے میں اجلاس منعقد کیا جس میں مختلف امور پر تفصیلی غور کیا گیا اور فیصلے کیے گئے۔ عوام کو درپیش مسائل کے حل کے لیے اقدامات کیے جا رہے ہیں اور ترقیاتی منصوبوں کی بروقت تکمیل کو یقینی بنایا جا

47
بقیہ

حکومت گلگت بلتستان کی جانب سے عوامی فلاح و بہبود کے منصوبوں پر کام جاری ہے اور متعلقہ حکام نے اس سلسلے میں اجلاس منعقد کیا جس میں مختلف امور پر تفصیلی غور کیا گیا اور فیصلے کیے گئے۔ عوام کو درپیش مسائل کے حل کے لیے اقدامات کیے جا رہے ہیں اور ترقیاتی منصوبوں کی بروقت تکمیل کو یقینی بنایا جائے گا۔ حکومت گلگت بلتستان کی جانب سے عوامی فلاح و بہبود کے منصوبوں پر کام جاری ہے اور متعلقہ حکام نے اس سلسلے میں اجلاس منعقد کیا جس میں مختلف امور پر تفصیلی غور کیا گیا اور فیصلے کیے گئے۔ عوام کو درپیش مسائل کے حل کے لیے اقدامات کیے جا رہے ہیں اور ترقیاتی منصوبوں کی بروقت تکمیل کو یقینی بنایا جائے گا۔ حکومت گلگت بلتستان کی جانب سے عوامی فلاح و بہبود کے منصوبوں پر کام جاری ہے اور متعلقہ حکام نے اس سلسلے میں اجلاس منعقد کیا جس میں مختلف امور پر تفصیلی غور

48
بقیہ

حکومت گلگت بلتستان کی جانب سے عوامی فلاح و بہبود کے منصوبوں پر کام جاری ہے اور متعلقہ حکام نے اس سلسلے میں اجلاس منعقد کیا جس میں مختلف امور پر تفصیلی غور کیا گیا اور فیصلے کیے گئے۔ عوام کو درپیش مسائل کے حل کے لیے اقدامات کیے جا رہے ہیں اور ترقیاتی منصوبوں کی بروقت تکمیل کو یقینی بنایا جائے گا۔ حکومت گلگت بلتستان کی جانب سے عوامی فلاح و بہبود کے منصوبوں پر کام جاری ہے اور متعلقہ حکام نے اس سلسلے میں اجلاس منعقد کیا جس میں مختلف امور پر تفصیلی غور کیا گیا اور فیصلے کیے گئے۔ عوام کو درپیش مسائل کے حل کے لیے اقدامات کیے جا رہے ہیں اور ترقیاتی منصوبوں کی بروقت تکمیل کو یقینی بنایا جائے گا۔ حکومت گلگت بلتستان کی جانب سے عوامی فلاح و بہبود کے منصوبوں پر کام جاری ہے اور متعلقہ

49
بقیہ

حکومت گلگت بلتستان کی جانب سے عوامی فلاح و بہبود کے منصوبوں پر کام جاری ہے اور متعلقہ حکام نے اس سلسلے میں اجلاس منعقد کیا جس میں مختلف امور پر تفصیلی غور کیا گیا اور فیصلے کیے گئے۔ عوام کو درپیش مسائل کے حل کے لیے اقدامات کیے جا رہے ہیں اور ترقیاتی منصوبوں کی بروقت تکمیل کو یقینی بنایا جائے گا۔ حکومت گلگت بلتستان کی جانب سے عوامی فلاح و بہبود کے منصوبوں پر کام جاری ہے اور متعلقہ حکام نے اس سلسلے میں اجلاس منعقد کیا جس میں مختلف امور پر تفصیلی غور کیا گیا اور فیصلے کیے گئے۔ عوام کو درپیش مسائل کے حل کے لیے اقدامات کیے جا رہے ہیں اور ترقیاتی منصوبوں کی بروقت تکمیل کو یقینی بنایا جائے گا۔ حکومت گلگت بلتستان کی جانب سے عوامی فلاح و بہبود کے منصوبوں پر کام جاری ہے اور متعلقہ حکام نے اس سلسلے میں اجلاس منعقد کیا جس میں مختلف امور پر تفصیلی غور کیا گیا اور فیصلے کیے گئے۔ عوام کو درپیش مسائل کے حل کے لیے اقدامات کیے جا رہے ہیں اور ترقیاتی منصوبوں کی بروقت تکمیل کو یقینی بنایا جائے گا۔ حکومت گلگت بلتستان کی جانب سے عوامی فلاح و بہبود کے منصوبوں پ

50
بقیہ

حکومت گلگت بلتستان کی جانب سے عوامی فلاح و بہبود کے منصوبوں پر کام جاری ہے اور متعلقہ حکام نے اس سلسلے میں اجلاس منعقد کیا جس میں مختلف امور پر تفصیلی غور کیا گیا اور فیصلے کیے گئے۔ عوام کو درپیش مسائل کے حل کے لیے اقدامات کیے جا رہے ہیں اور ترقیاتی منصوبوں کی بروقت تکمیل

51
بقیہ

حکومت گلگت بلتستان کی جانب سے عوامی فلاح و بہبود کے منصوبوں پر کام جاری ہے اور متعلقہ حکام نے اس سلسلے میں اجلاس منعقد کیا جس میں مختلف امور پر تفصیلی غور کیا گیا اور فیصلے کیے گئے۔ عوام کو درپیش مسائل کے حل کے لیے اقدامات کیے جا رہے ہیں اور ترقیاتی منصوبوں کی بروقت تکمیل کو یقینی بنایا جائے گا۔ حکومت گلگت بلتستان کی جانب سے عوامی فلاح و

52
بقیہ

حکومت گلگت بلتستان کی جانب سے عوامی فلاح و بہبود کے منصوبوں پر کام جاری ہے اور متعلقہ حکام نے اس سلسلے میں اجلاس منعقد کیا جس میں مختلف امور پر تفصیلی غور کیا گیا اور فیصلے کیے گئے۔ عوام کو درپیش مسائل کے حل کے لیے اقدامات کیے جا رہے ہیں اور ترقیاتی منصوبوں کی بروقت تکمیل کو یقینی بنایا جائے گا۔ حکومت گلگت بلتستان کی جانب سے عوامی فلاح و بہبود کے منصوبوں پر کام جاری ہے اور متعلقہ حکام نے اس سلسلے میں اجلاس منعقد کیا جس میں مختلف امور پر تفصیلی غور کیا گیا اور فیصلے کیے گئے۔ عوام کو درپیش مسائل کے حل کے لیے اقدامات کیے جا رہے ہیں اور ترقیاتی منصوبوں کی بروقت تکمیل کو یقینی بنایا جائے گا۔ حکومت گلگت بلتستان کی جانب سے عوامی فلاح و بہبود کے منصوبوں پر کام جاری ہے اور متعلقہ

53
بقیہ

حکومت گلگت بلتستان کی جانب سے عوامی فلاح و بہبود کے منصوبوں پر کام جاری ہے اور متعلقہ حکام نے اس سلسلے میں اجلاس منعقد کیا جس میں مختلف امور پر تفصیلی غور کیا گیا اور فیصلے کیے گئے۔ عوام کو درپیش مسائل کے حل کے لیے اقدامات کیے جا رہے ہیں اور ترقیاتی منصوبوں کی بروقت تکمیل

حکومت گلگت بلتستان کی جانب سے عوامی فلاح و بہبود کے منصوبوں پر کام جاری ہے اور متعلقہ حکام نے اس سلسلے میں اجلاس منعقد کیا جس میں مختلف امور پر تفصیلی غور کیا گیا اور فیصلے کیے گئے۔ عوام کو درپیش مسائل کے حل کے لیے اقدامات کیے جا رہے ہیں اور ترقیاتی منصوبوں کی بروقت تکمیل

54
بقیہ

حکومت گلگت بلتستان کی جانب سے عوامی فلاح و بہبود کے منصوبوں پر کام جاری ہے اور متعلقہ حکام نے اس سلسلے میں اجلاس منعقد کیا جس میں مختلف امور پر تفصیلی غور کیا گیا اور فیصلے کیے گئے۔ عوام کو درپیش مسائل کے حل کے لیے اقدامات کیے جا رہے ہیں اور ترقیاتی منصوبوں کی بروقت تکمیل کو یقینی بنایا جائے گا۔ حکومت گلگت بلتستان کی جانب سے عوامی فلاح و بہبود کے منصوبوں پر کام جاری ہے اور متعلقہ حکام نے اس سلسلے میں اجلاس منعقد کیا جس میں مختلف امور پر تفصیلی غور کیا گیا اور فیصلے کیے گئے۔ عوام کو درپیش مسائل کے حل کے لیے اقدامات کیے جا رہے ہیں اور ترقیاتی منصوبوں کی بروقت تکمیل کو یقینی بنایا جائے گا۔ حکومت گلگت بلتستان

55
بقیہ

حکومت گلگت بلتستان کی جانب سے عوامی فلاح و بہبود کے منصوبوں پر کام جاری ہے اور متعلقہ حکام نے اس سلسلے میں اجلاس منعقد کیا جس میں مختلف امور پر تفصیلی غور کیا گیا اور فیصلے کیے گئے۔ عوام کو درپیش مسائل کے حل کے لیے اقدامات کیے جا رہے ہیں اور ترقیاتی منصوبوں کی بروقت تکمیل کو یقینی بنایا جائے گا۔ حکومت گلگت بلتستان کی جانب سے عوامی فلاح و بہبود کے منصوبوں پر کام جاری ہے اور متعلقہ حکام نے اس سلسلے میں اجلاس منعقد کیا جس میں مختلف امور پر تفصیلی غور کیا گیا اور فیصلے کیے گئے۔ عوام کو درپیش مسائل کے حل کے لیے اقدامات کیے جا رہے ہیں اور ترقیاتی منصوبوں کی بروقت تکمیل کو یقینی بنایا جائے گا۔ حکومت گلگت بلتستان کی جانب سے عوامی فلاح و بہبود کے منصوبوں پر کام جاری ہے اور متعلقہ

56
بقیہ

حکومت گلگت بلتستان کی جانب سے عوامی فلاح و بہبود کے منصوبوں پر کام جاری ہے اور متعلقہ حکام نے اس سلسلے میں اجلاس منعقد کیا جس میں مختلف امور پر تفصیلی غور کیا گیا اور فیصلے کیے گئے۔ عوام کو درپیش مسائل کے حل کے لیے اقدامات کیے جا رہے ہیں اور ترقیاتی منصوبوں کی بروقت تکمیل

57
بقیہ

حکومت گلگت بلتستان کی جانب سے عوامی فلاح و بہبود کے منصوبوں پر کام جاری ہے اور متعلقہ حکام نے اس سلسلے میں اجلاس منعقد کیا جس میں مختلف امور پر تفصیلی غور کیا گیا اور فیصلے کیے گئے۔ عوام کو درپیش مسائل کے حل کے لیے اقدامات کیے جا رہے ہیں اور ترقیاتی منصوبوں کی بروقت تکمیل کو یقینی بنایا جائے گا۔ حکومت گلگت بلتستان کی جانب سے عوامی فلاح و بہبود کے منصوبوں پر کام جاری ہے اور متعلقہ حکام نے اس سلسلے میں اجلاس منعقد کیا جس میں مختلف امور پر تفصیلی غور کیا گیا اور فیصلے کیے گئے۔ عوام کو درپیش مسائل کے حل کے لیے اقدامات کیے جا رہے ہیں اور ترقیاتی منصوبوں کی بروقت تکمیل کو یقینی بنایا جائے گا۔ حکومت گلگت بلتستان

58
بقیہ

حکومت گلگت بلتستان کی جانب سے عوامی فلاح و بہبود کے منصوبوں پر کام جاری ہے اور متعلقہ حکام نے اس سلسلے میں اجلاس منعقد کیا جس میں مختلف امور پر تفصیلی غور کیا گیا اور فیصلے کیے گئے۔ عوام کو درپیش مسائل کے حل کے لیے اقدامات کیے جا رہے ہیں اور ترقیاتی منصوبوں کی بروقت تکمیل کو یقینی بنایا جائے گا۔ حکومت گلگت بلتستان کی جانب سے عوامی فلاح و بہبود کے منصوبوں پر کام جاری ہے اور متعلقہ حکام نے اس سلسلے میں اجلاس منعقد کیا جس میں مختلف امور پر تفصیلی غور کیا گیا اور فیصلے کیے گئے۔ عوام کو درپیش مسائل کے حل کے لیے اقدامات کیے جا رہے ہیں اور ترقیاتی منصوبوں کی بروقت تکمیل کو یقینی بنایا جائے گا۔ حکومت گلگت بلتستان کی جانب سے عوامی فلاح و بہبود کے منصوبوں پر کام جاری ہے اور متعلقہ حکام نے اس سلسلے میں اجلاس منعقد کیا جس میں مختلف امور پر تفصیلی غور کیا گیا اور فیصلے کیے گئے۔ عوام کو درپیش مسائل کے حل کے لیے اقدامات کیے جا رہے ہیں اور ترقیاتی منصوبوں کی بروقت تکمیل کو یقینی بنایا جا

59
بقیہ

حکومت گلگت بلتستان کی جانب سے عوامی فلاح و بہبود کے منصوبوں پر کام جاری ہے اور متعلقہ حکام نے اس سلسلے میں اجلاس منعقد کیا جس میں مختلف

60
بقیہ

حکومت گلگت بلتستان کی جانب سے عوامی فلاح و بہبود کے منصوبوں پر کام جاری ہے اور متعلقہ حکام نے اس سلسلے میں اجلاس منعقد کیا جس میں مختلف امور پر تفصیلی غور کیا گیا اور فیصلے کیے گئے۔ عوام کو درپیش مسائل کے حل کے لیے اقدامات کیے جا رہے ہیں اور ترقیاتی منصوبوں کی بروقت تکمیل کو یقینی بنایا جائے گا۔ حکومت گلگت بلتستان کی جانب سے عوامی فلاح و

61
بقیہ

حکومت گلگت بلتستان کی جانب سے عوامی فلاح و بہبود کے منصوبوں پر کام جاری ہے اور متعلقہ حکام نے اس سلسلے میں اجلاس منعقد کیا جس میں مختلف امور پر تفصیلی غور کیا گیا اور فیصلے کیے گئے۔ عوام کو درپیش مسائل کے حل کے لیے اقدامات کیے جا رہے ہیں اور ترقیاتی منصوبوں کی بروقت تکمیل کو یقینی بنایا جائے گا۔ حکومت گلگت بلتستان کی جانب سے عوامی فلاح و بہبود کے منصوبوں پر کام جاری ہے اور متعلقہ حکام نے اس سلسلے میں اجلاس منعقد کیا جس میں مختلف امور پر تفصیلی غور کیا گیا اور فیصلے کیے گئے۔ عوام کو درپیش مسائل کے حل کے لیے اقدامات کیے جا رہے ہیں اور ترقیاتی منصوبوں کی بروقت تکمیل کو یقینی بنایا جائے گا۔ حکومت گلگت بلتستان کی جانب سے عوامی فلاح و بہبود کے منصوبوں پر کام جاری ہے اور متعلقہ

62
بقیہ

حکومت گلگت بلتستان کی جانب سے عوامی فلاح و بہبود کے منصوبوں پر کام جاری ہے اور متعلقہ حکام نے اس سلسلے میں اجلاس منعقد کیا جس میں مختلف امور پر تفصیلی غور کیا گیا اور فیصلے کیے گئے۔ عوام کو درپیش مسائل کے حل کے لیے اقدامات کیے جا رہے ہیں اور ترقیاتی منصوبوں کی بروقت تکمیل کو یقینی بنایا جائے گا۔ حکومت گلگت بلتستان کی جانب سے عوامی فلاح و بہبود کے منصوبوں پر کام جاری ہے اور متعلقہ حکام نے اس سلسلے میں اجلاس منعقد کیا جس میں مختلف امور پر تفصیلی غور کیا گیا اور فیصلے کیے گئے۔ عوام کو درپیش مسائل کے حل کے لیے اقدامات کیے جا رہے ہیں اور ترقیاتی منصوبوں کی بروقت تکمیل کو یقینی بنایا جائے گا۔ حکومت گلگت بلتستان کی جانب سے عوامی فلاح و بہبود کے منصوبوں پر کام جاری ہے اور متعلقہ
